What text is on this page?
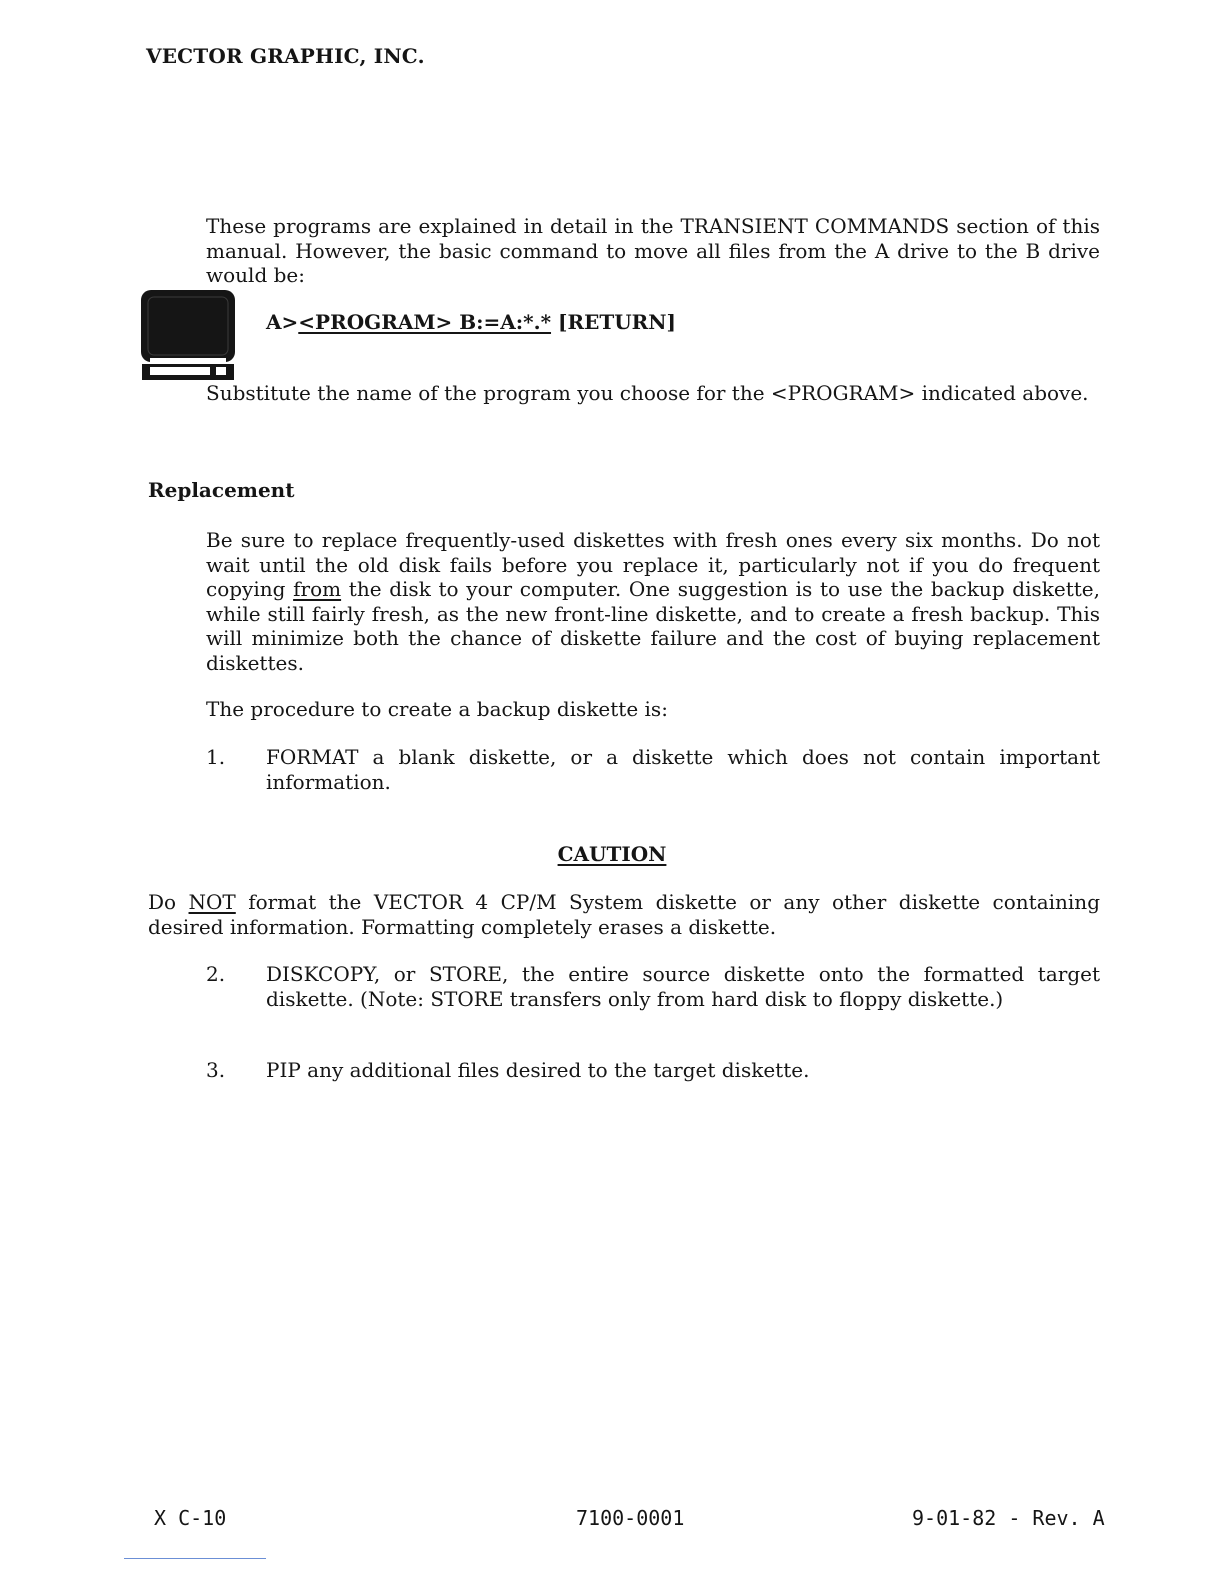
VECTOR GRAPHIC, INC.
These programs are explained in detail in the TRANSIENT COMMANDS section of this manual. However, the basic command to move all files from the A drive to the B drive would be:
A><PROGRAM> B:=A:*.* [RETURN]
Substitute the name of the program you choose for the <PROGRAM> indicated above.
Replacement
Be sure to replace frequently-used diskettes with fresh ones every six months. Do not wait until the old disk fails before you replace it, particularly not if you do frequent copying from the disk to your computer. One suggestion is to use the backup diskette, while still fairly fresh, as the new front-line diskette, and to create a fresh backup. This will minimize both the chance of diskette failure and the cost of buying replacement diskettes.
The procedure to create a backup diskette is:
1.	FORMAT a blank diskette, or a diskette which does not contain important information.
CAUTION
Do NOT format the VECTOR 4 CP/M System diskette or any other diskette containing desired information. Formatting completely erases a diskette.
2.	DISKCOPY, or STORE, the entire source diskette onto the formatted target diskette. (Note: STORE transfers only from hard disk to floppy diskette.)
3.	PIP any additional files desired to the target diskette.
X C-10	7100-0001	9-01-82 - Rev. A
